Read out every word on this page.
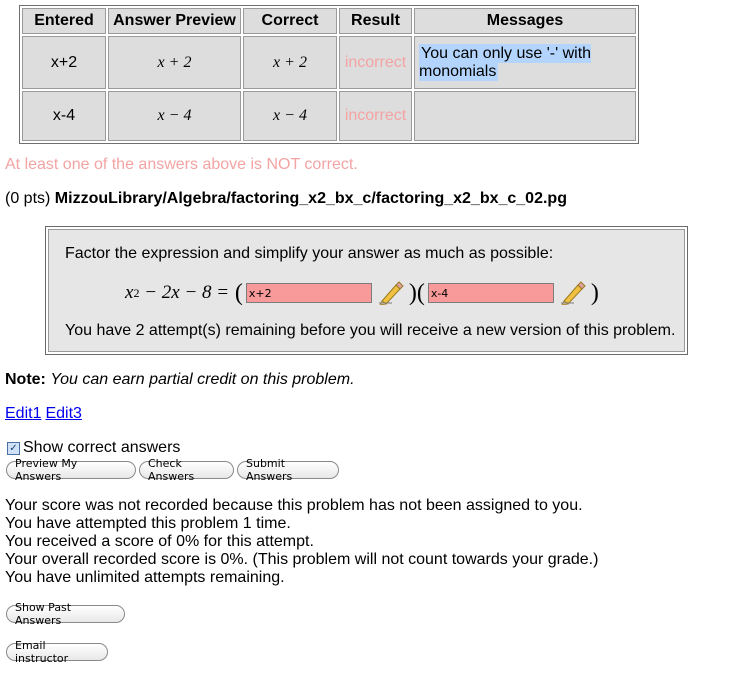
Entered	Answer Preview	Correct	Result	Messages
x+2	x + 2	x + 2	incorrect	You can only use '-' with monomials
x-4	x − 4	x − 4	incorrect	
At least one of the answers above is NOT correct.
(0 pts) MizzouLibrary/Algebra/factoring_x2_bx_c/factoring_x2_bx_c_02.pg
Factor the expression and simplify your answer as much as possible:
x 2 − 2x − 8 = ( x+2	)( x-4	)
You have 2 attempt(s) remaining before you will receive a new version of this problem.
Note: You can earn partial credit on this problem.
Edit1 Edit3
✓ Show correct answers
Preview My Answers
Check Answers
Submit Answers
Your score was not recorded because this problem has not been assigned to you.
You have attempted this problem 1 time.
You received a score of 0% for this attempt.
Your overall recorded score is 0%. (This problem will not count towards your grade.)
You have unlimited attempts remaining.
Show Past Answers
Email instructor
